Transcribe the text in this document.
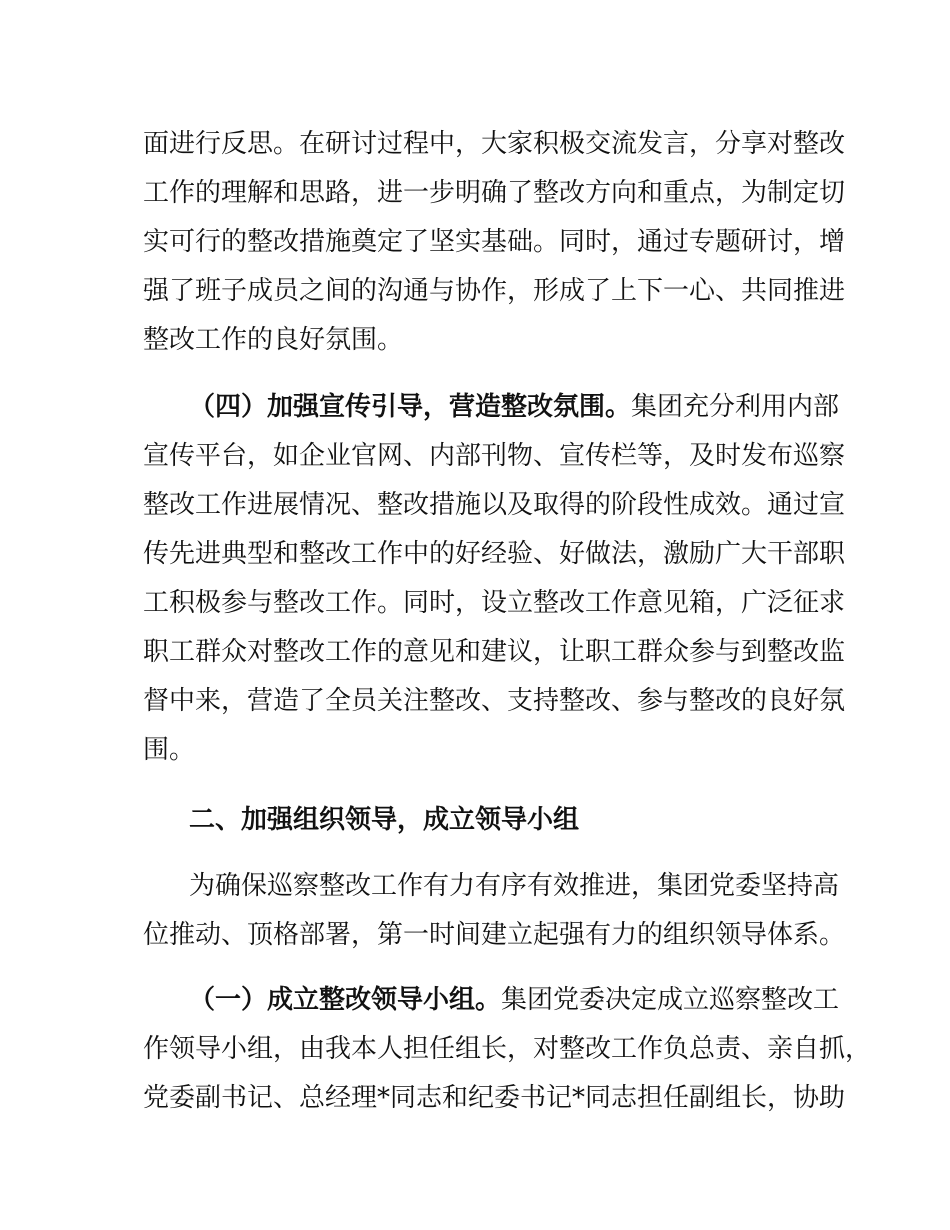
面进行反思。在研讨过程中，大家积极交流发言，分享对整改
工作的理解和思路，进一步明确了整改方向和重点，为制定切
实可行的整改措施奠定了坚实基础。同时，通过专题研讨，增
强了班子成员之间的沟通与协作，形成了上下一心、共同推进
整改工作的良好氛围。
（四）加强宣传引导，营造整改氛围。集团充分利用内部
宣传平台，如企业官网、内部刊物、宣传栏等，及时发布巡察
整改工作进展情况、整改措施以及取得的阶段性成效。通过宣
传先进典型和整改工作中的好经验、好做法，激励广大干部职
工积极参与整改工作。同时，设立整改工作意见箱，广泛征求
职工群众对整改工作的意见和建议，让职工群众参与到整改监
督中来，营造了全员关注整改、支持整改、参与整改的良好氛
围。
二、加强组织领导，成立领导小组
为确保巡察整改工作有力有序有效推进，集团党委坚持高
位推动、顶格部署，第一时间建立起强有力的组织领导体系。
（一）成立整改领导小组。集团党委决定成立巡察整改工
作领导小组，由我本人担任组长，对整改工作负总责、亲自抓，
党委副书记、总经理*同志和纪委书记*同志担任副组长，协助
